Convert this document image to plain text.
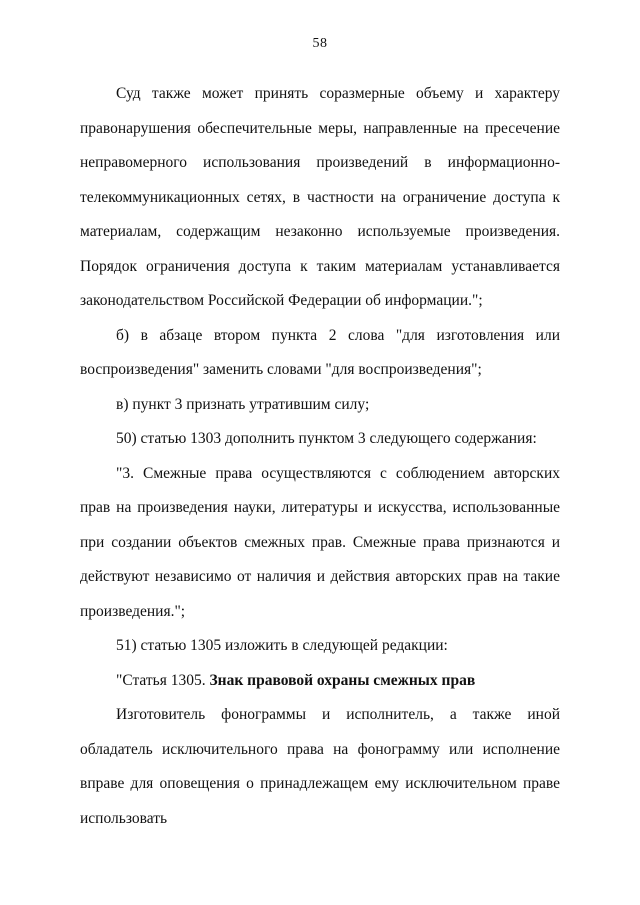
58

Суд также может принять соразмерные объему и характеру правонарушения обеспечительные меры, направленные на пресечение неправомерного использования произведений в информационно-телекоммуникационных сетях, в частности на ограничение доступа к материалам, содержащим незаконно используемые произведения. Порядок ограничения доступа к таким материалам устанавливается законодательством Российской Федерации об информации.";

б) в абзаце втором пункта 2 слова "для изготовления или воспроизведения" заменить словами "для воспроизведения";

в) пункт 3 признать утратившим силу;

50) статью 1303 дополнить пунктом 3 следующего содержания:

"3. Смежные права осуществляются с соблюдением авторских прав на произведения науки, литературы и искусства, использованные при создании объектов смежных прав. Смежные права признаются и действуют независимо от наличия и действия авторских прав на такие произведения.";

51) статью 1305 изложить в следующей редакции:

"Статья 1305. Знак правовой охраны смежных прав

Изготовитель фонограммы и исполнитель, а также иной обладатель исключительного права на фонограмму или исполнение вправе для оповещения о принадлежащем ему исключительном праве использовать
